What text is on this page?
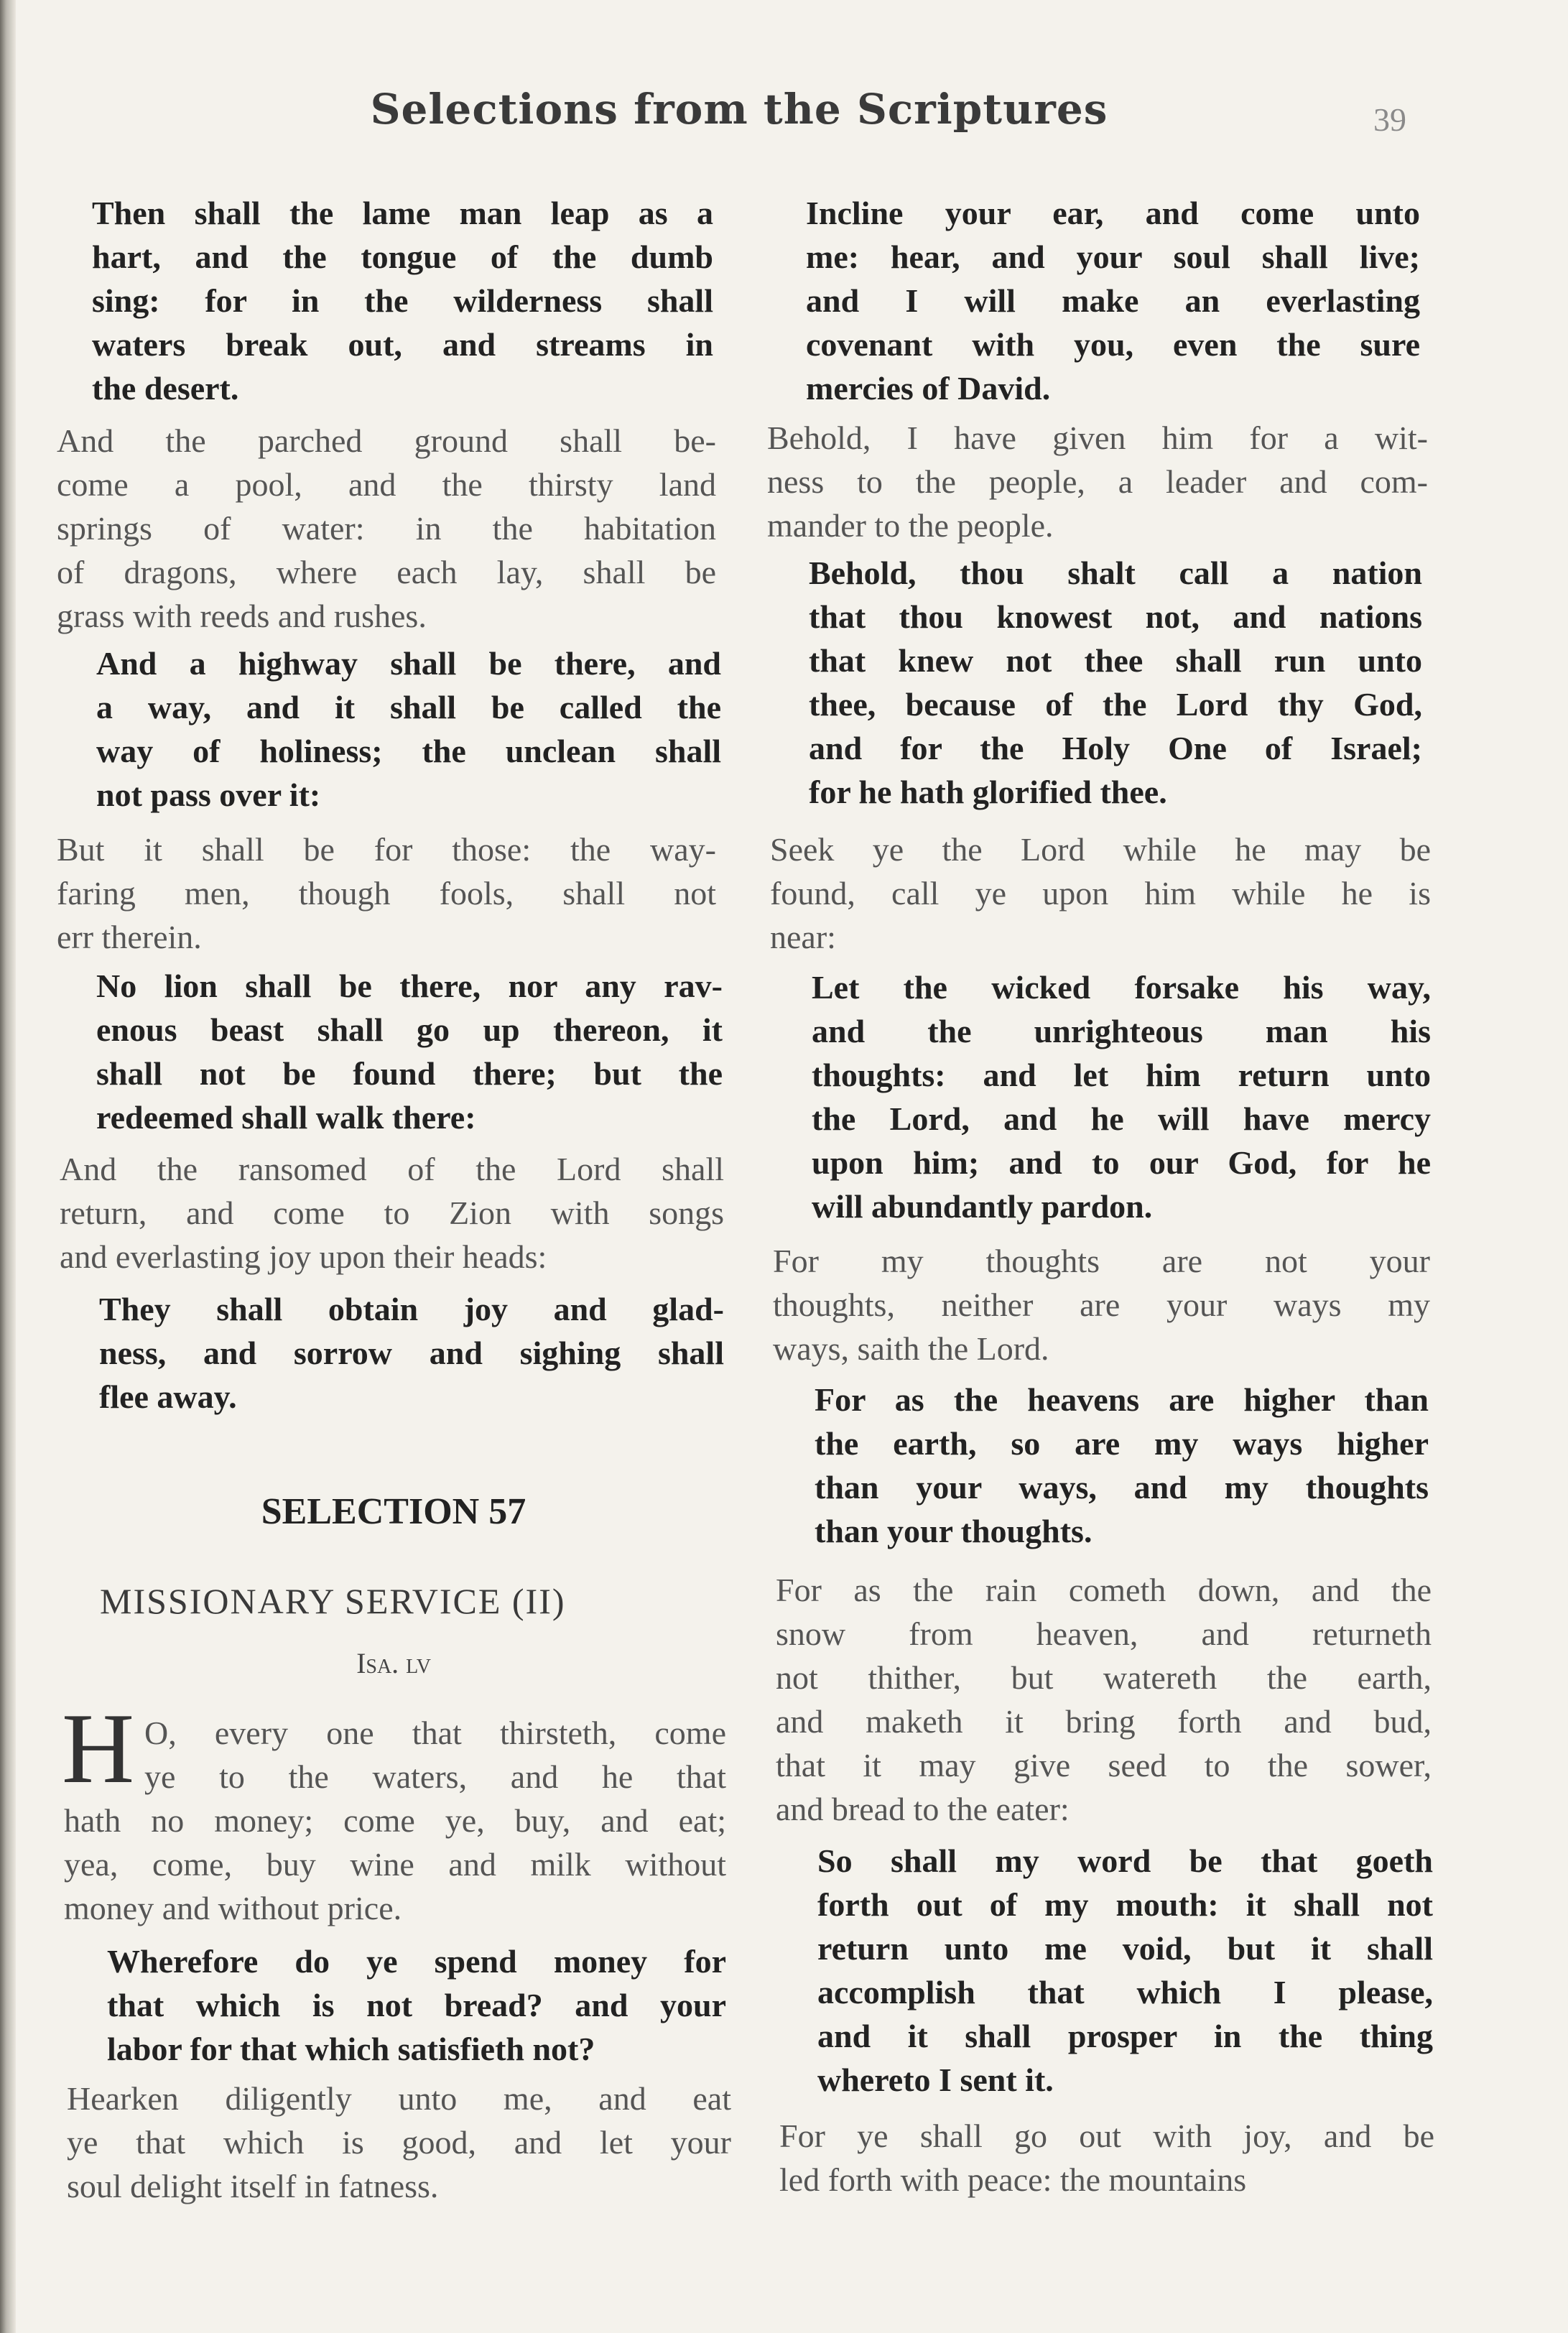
Selections from the Scriptures	39
Then shall the lame man leap as a
hart, and the tongue of the dumb
sing: for in the wilderness shall
waters break out, and streams in
the desert.
And the parched ground shall be-
come a pool, and the thirsty land
springs of water: in the habitation
of dragons, where each lay, shall be
grass with reeds and rushes.
And a highway shall be there, and
a way, and it shall be called the
way of holiness; the unclean shall
not pass over it:
But it shall be for those: the way-
faring men, though fools, shall not
err therein.
No lion shall be there, nor any rav-
enous beast shall go up thereon, it
shall not be found there; but the
redeemed shall walk there:
And the ransomed of the Lord shall
return, and come to Zion with songs
and everlasting joy upon their heads:
They shall obtain joy and glad-
ness, and sorrow and sighing shall
flee away.
O, every one that thirsteth, come
ye to the waters, and he that
hath no money; come ye, buy, and eat;
yea, come, buy wine and milk without
money and without price.
Wherefore do ye spend money for
that which is not bread? and your
labor for that which satisfieth not?
Hearken diligently unto me, and eat
ye that which is good, and let your
soul delight itself in fatness.
Incline your ear, and come unto
me: hear, and your soul shall live;
and I will make an everlasting
covenant with you, even the sure
mercies of David.
Behold, I have given him for a wit-
ness to the people, a leader and com-
mander to the people.
Behold, thou shalt call a nation
that thou knowest not, and nations
that knew not thee shall run unto
thee, because of the Lord thy God,
and for the Holy One of Israel;
for he hath glorified thee.
Seek ye the Lord while he may be
found, call ye upon him while he is
near:
Let the wicked forsake his way,
and the unrighteous man his
thoughts: and let him return unto
the Lord, and he will have mercy
upon him; and to our God, for he
will abundantly pardon.
For my thoughts are not your
thoughts, neither are your ways my
ways, saith the Lord.
For as the heavens are higher than
the earth, so are my ways higher
than your ways, and my thoughts
than your thoughts.
For as the rain cometh down, and the
snow from heaven, and returneth
not thither, but watereth the earth,
and maketh it bring forth and bud,
that it may give seed to the sower,
and bread to the eater:
So shall my word be that goeth
forth out of my mouth: it shall not
return unto me void, but it shall
accomplish that which I please,
and it shall prosper in the thing
whereto I sent it.
For ye shall go out with joy, and be
led forth with peace: the mountains
SELECTION 57
MISSIONARY SERVICE (II)
Isa. lv
H
